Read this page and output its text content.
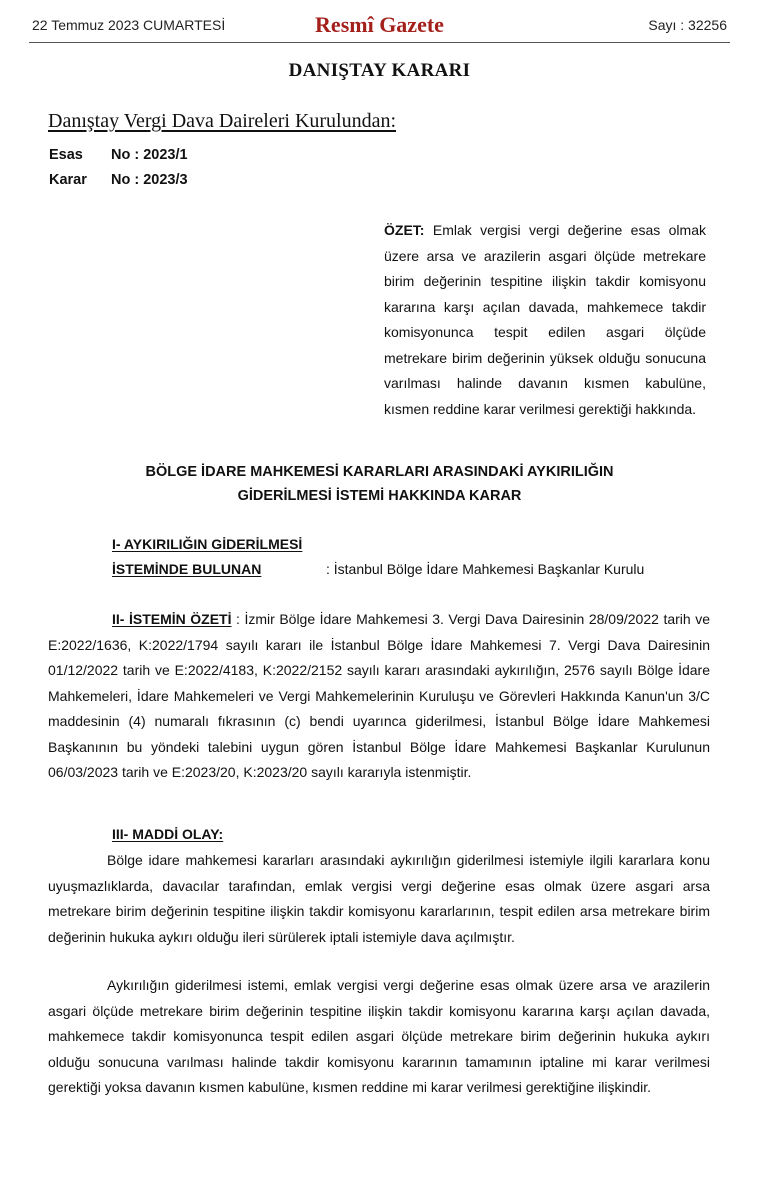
22 Temmuz 2023 CUMARTESİ	Resmî Gazete	Sayı : 32256
DANIŞTAY KARARI
Danıştay Vergi Dava Daireleri Kurulundan:
Esas No : 2023/1
Karar No : 2023/3
ÖZET: Emlak vergisi vergi değerine esas olmak üzere arsa ve arazilerin asgari ölçüde metrekare birim değerinin tespitine ilişkin takdir komisyonu kararına karşı açılan davada, mahkemece takdir komisyonunca tespit edilen asgari ölçüde metrekare birim değerinin yüksek olduğu sonucuna varılması halinde davanın kısmen kabulüne, kısmen reddine karar verilmesi gerektiği hakkında.
BÖLGE İDARE MAHKEMESİ KARARLARI ARASINDAKİ AYKIRILIĞIN
GİDERİLMESİ İSTEMİ HAKKINDA KARAR
I- AYKIRILIĞIN GİDERİLMESİ
İSTEMİNDE BULUNAN	: İstanbul Bölge İdare Mahkemesi Başkanlar Kurulu
II- İSTEMİN ÖZETİ : İzmir Bölge İdare Mahkemesi 3. Vergi Dava Dairesinin 28/09/2022 tarih ve E:2022/1636, K:2022/1794 sayılı kararı ile İstanbul Bölge İdare Mahkemesi 7. Vergi Dava Dairesinin 01/12/2022 tarih ve E:2022/4183, K:2022/2152 sayılı kararı arasındaki aykırılığın, 2576 sayılı Bölge İdare Mahkemeleri, İdare Mahkemeleri ve Vergi Mahkemelerinin Kuruluşu ve Görevleri Hakkında Kanun'un 3/C maddesinin (4) numaralı fıkrasının (c) bendi uyarınca giderilmesi, İstanbul Bölge İdare Mahkemesi Başkanının bu yöndeki talebini uygun gören İstanbul Bölge İdare Mahkemesi Başkanlar Kurulunun 06/03/2023 tarih ve E:2023/20, K:2023/20 sayılı kararıyla istenmiştir.
III- MADDİ OLAY:
Bölge idare mahkemesi kararları arasındaki aykırılığın giderilmesi istemiyle ilgili kararlara konu uyuşmazlıklarda, davacılar tarafından, emlak vergisi vergi değerine esas olmak üzere asgari arsa metrekare birim değerinin tespitine ilişkin takdir komisyonu kararlarının, tespit edilen arsa metrekare birim değerinin hukuka aykırı olduğu ileri sürülerek iptali istemiyle dava açılmıştır.
Aykırılığın giderilmesi istemi, emlak vergisi vergi değerine esas olmak üzere arsa ve arazilerin asgari ölçüde metrekare birim değerinin tespitine ilişkin takdir komisyonu kararına karşı açılan davada, mahkemece takdir komisyonunca tespit edilen asgari ölçüde metrekare birim değerinin hukuka aykırı olduğu sonucuna varılması halinde takdir komisyonu kararının tamamının iptaline mi karar verilmesi gerektiği yoksa davanın kısmen kabulüne, kısmen reddine mi karar verilmesi gerektiğine ilişkindir.
